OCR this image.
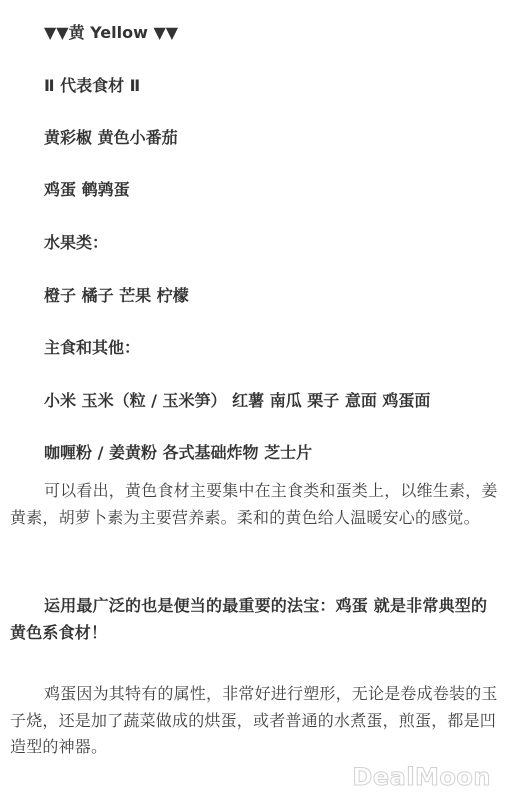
▼▼黄 Yellow ▼▼
Ⅱ 代表食材 Ⅱ
黄彩椒 黄色小番茄
鸡蛋 鹌鹑蛋
水果类：
橙子 橘子 芒果 柠檬
主食和其他：
小米 玉米（粒 / 玉米笋） 红薯 南瓜 栗子 意面 鸡蛋面
咖喱粉 / 姜黄粉 各式基础炸物 芝士片

可以看出，黄色食材主要集中在主食类和蛋类上，以维生素，姜黄素，胡萝卜素为主要营养素。柔和的黄色给人温暖安心的感觉。

运用最广泛的也是便当的最重要的法宝：鸡蛋 就是非常典型的黄色系食材！

鸡蛋因为其特有的属性，非常好进行塑形，无论是卷成卷装的玉子烧，还是加了蔬菜做成的烘蛋，或者普通的水煮蛋，煎蛋，都是凹造型的神器。

DealMoon
